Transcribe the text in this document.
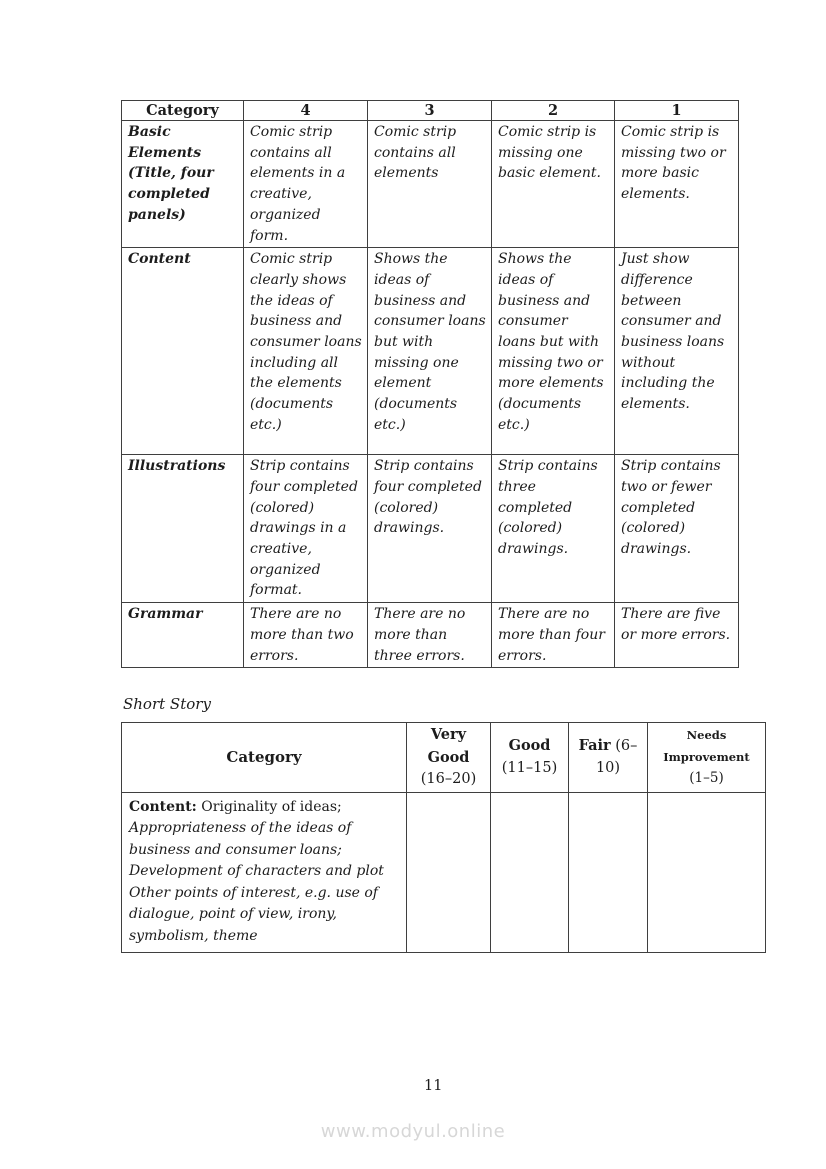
Category	4	3	2	1
Basic Elements (Title, four completed panels)	Comic strip contains all elements in a creative, organized form.	Comic strip contains all elements	Comic strip is missing one basic element.	Comic strip is missing two or more basic elements.
Content	Comic strip clearly shows the ideas of business and consumer loans including all the elements (documents etc.)	Shows the ideas of business and consumer loans but with missing one element (documents etc.)	Shows the ideas of business and consumer loans but with missing two or more elements (documents etc.)	Just show difference between consumer and business loans without including the elements.
Illustrations	Strip contains four completed (colored) drawings in a creative, organized format.	Strip contains four completed (colored) drawings.	Strip contains three completed (colored) drawings.	Strip contains two or fewer completed (colored) drawings.
Grammar	There are no more than two errors.	There are no more than three errors.	There are no more than four errors.	There are five or more errors.
Short Story
Category	Very Good (16–20)	Good (11–15)	Fair (6–10)	Needs Improvement (1–5)
Content: Originality of ideas; Appropriateness of the ideas of business and consumer loans; Development of characters and plot Other points of interest, e.g. use of dialogue, point of view, irony, symbolism, theme				
11
www.modyul.online
